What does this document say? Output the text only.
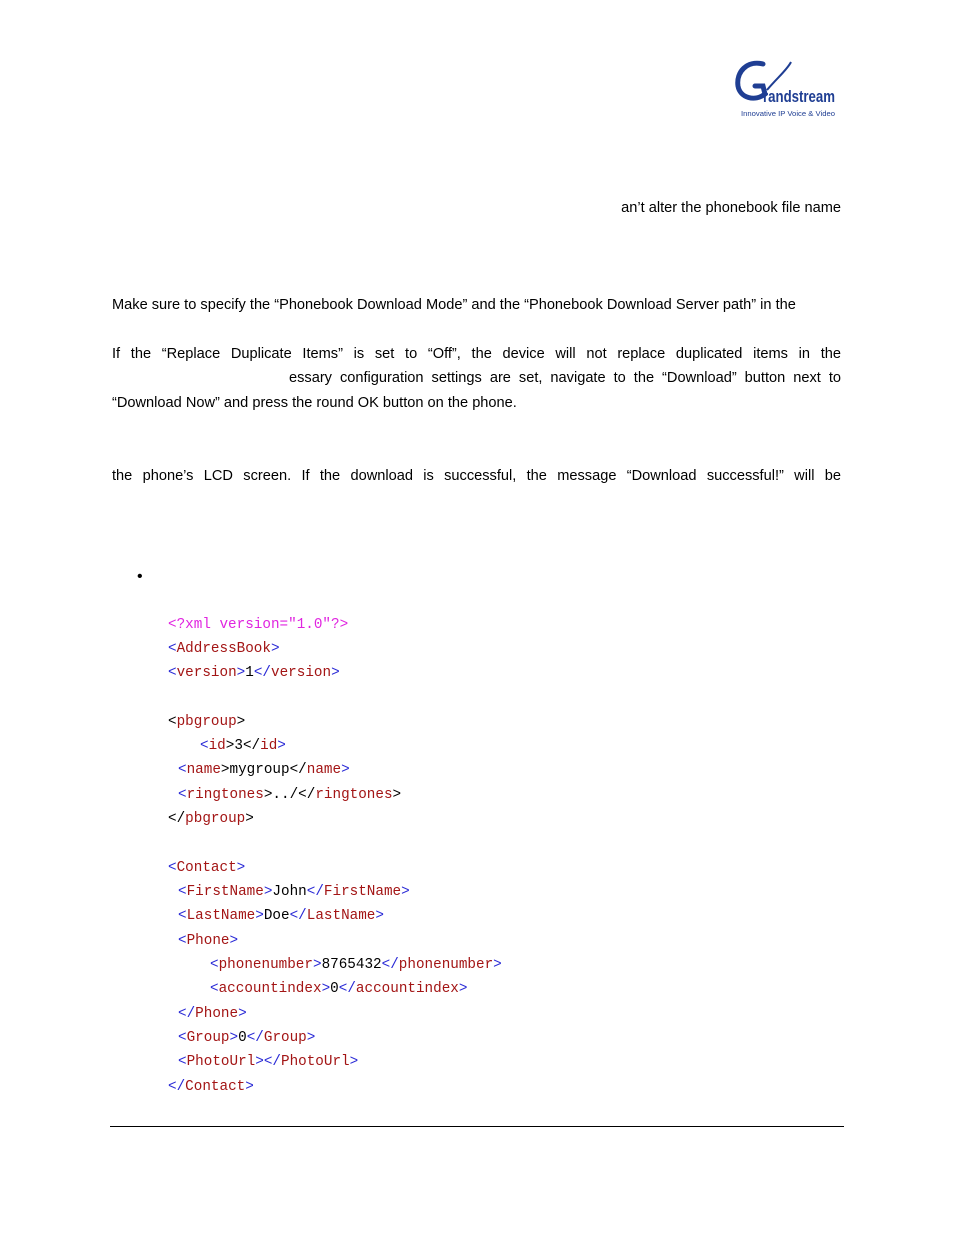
randstream
Innovative IP Voice & Video
an’t alter the phonebook file name
Make sure to specify the “Phonebook Download Mode” and the “Phonebook Download Server path” in the
If the “Replace Duplicate Items” is set to “Off”, the device will not replace duplicated items in the
essary configuration settings are set, navigate to the “Download” button next to
“Download Now” and press the round OK button on the phone.
the phone’s LCD screen. If the download is successful, the message “Download successful!” will be
•
<?xml version="1.0"?>
<AddressBook>
<version>1</version>
<pbgroup>
<id>3</id>
<name>mygroup</name>
<ringtones>../</ringtones>
</pbgroup>
<Contact>
<FirstName>John</FirstName>
<LastName>Doe</LastName>
<Phone>
<phonenumber>8765432</phonenumber>
<accountindex>0</accountindex>
</Phone>
<Group>0</Group>
<PhotoUrl></PhotoUrl>
</Contact>
